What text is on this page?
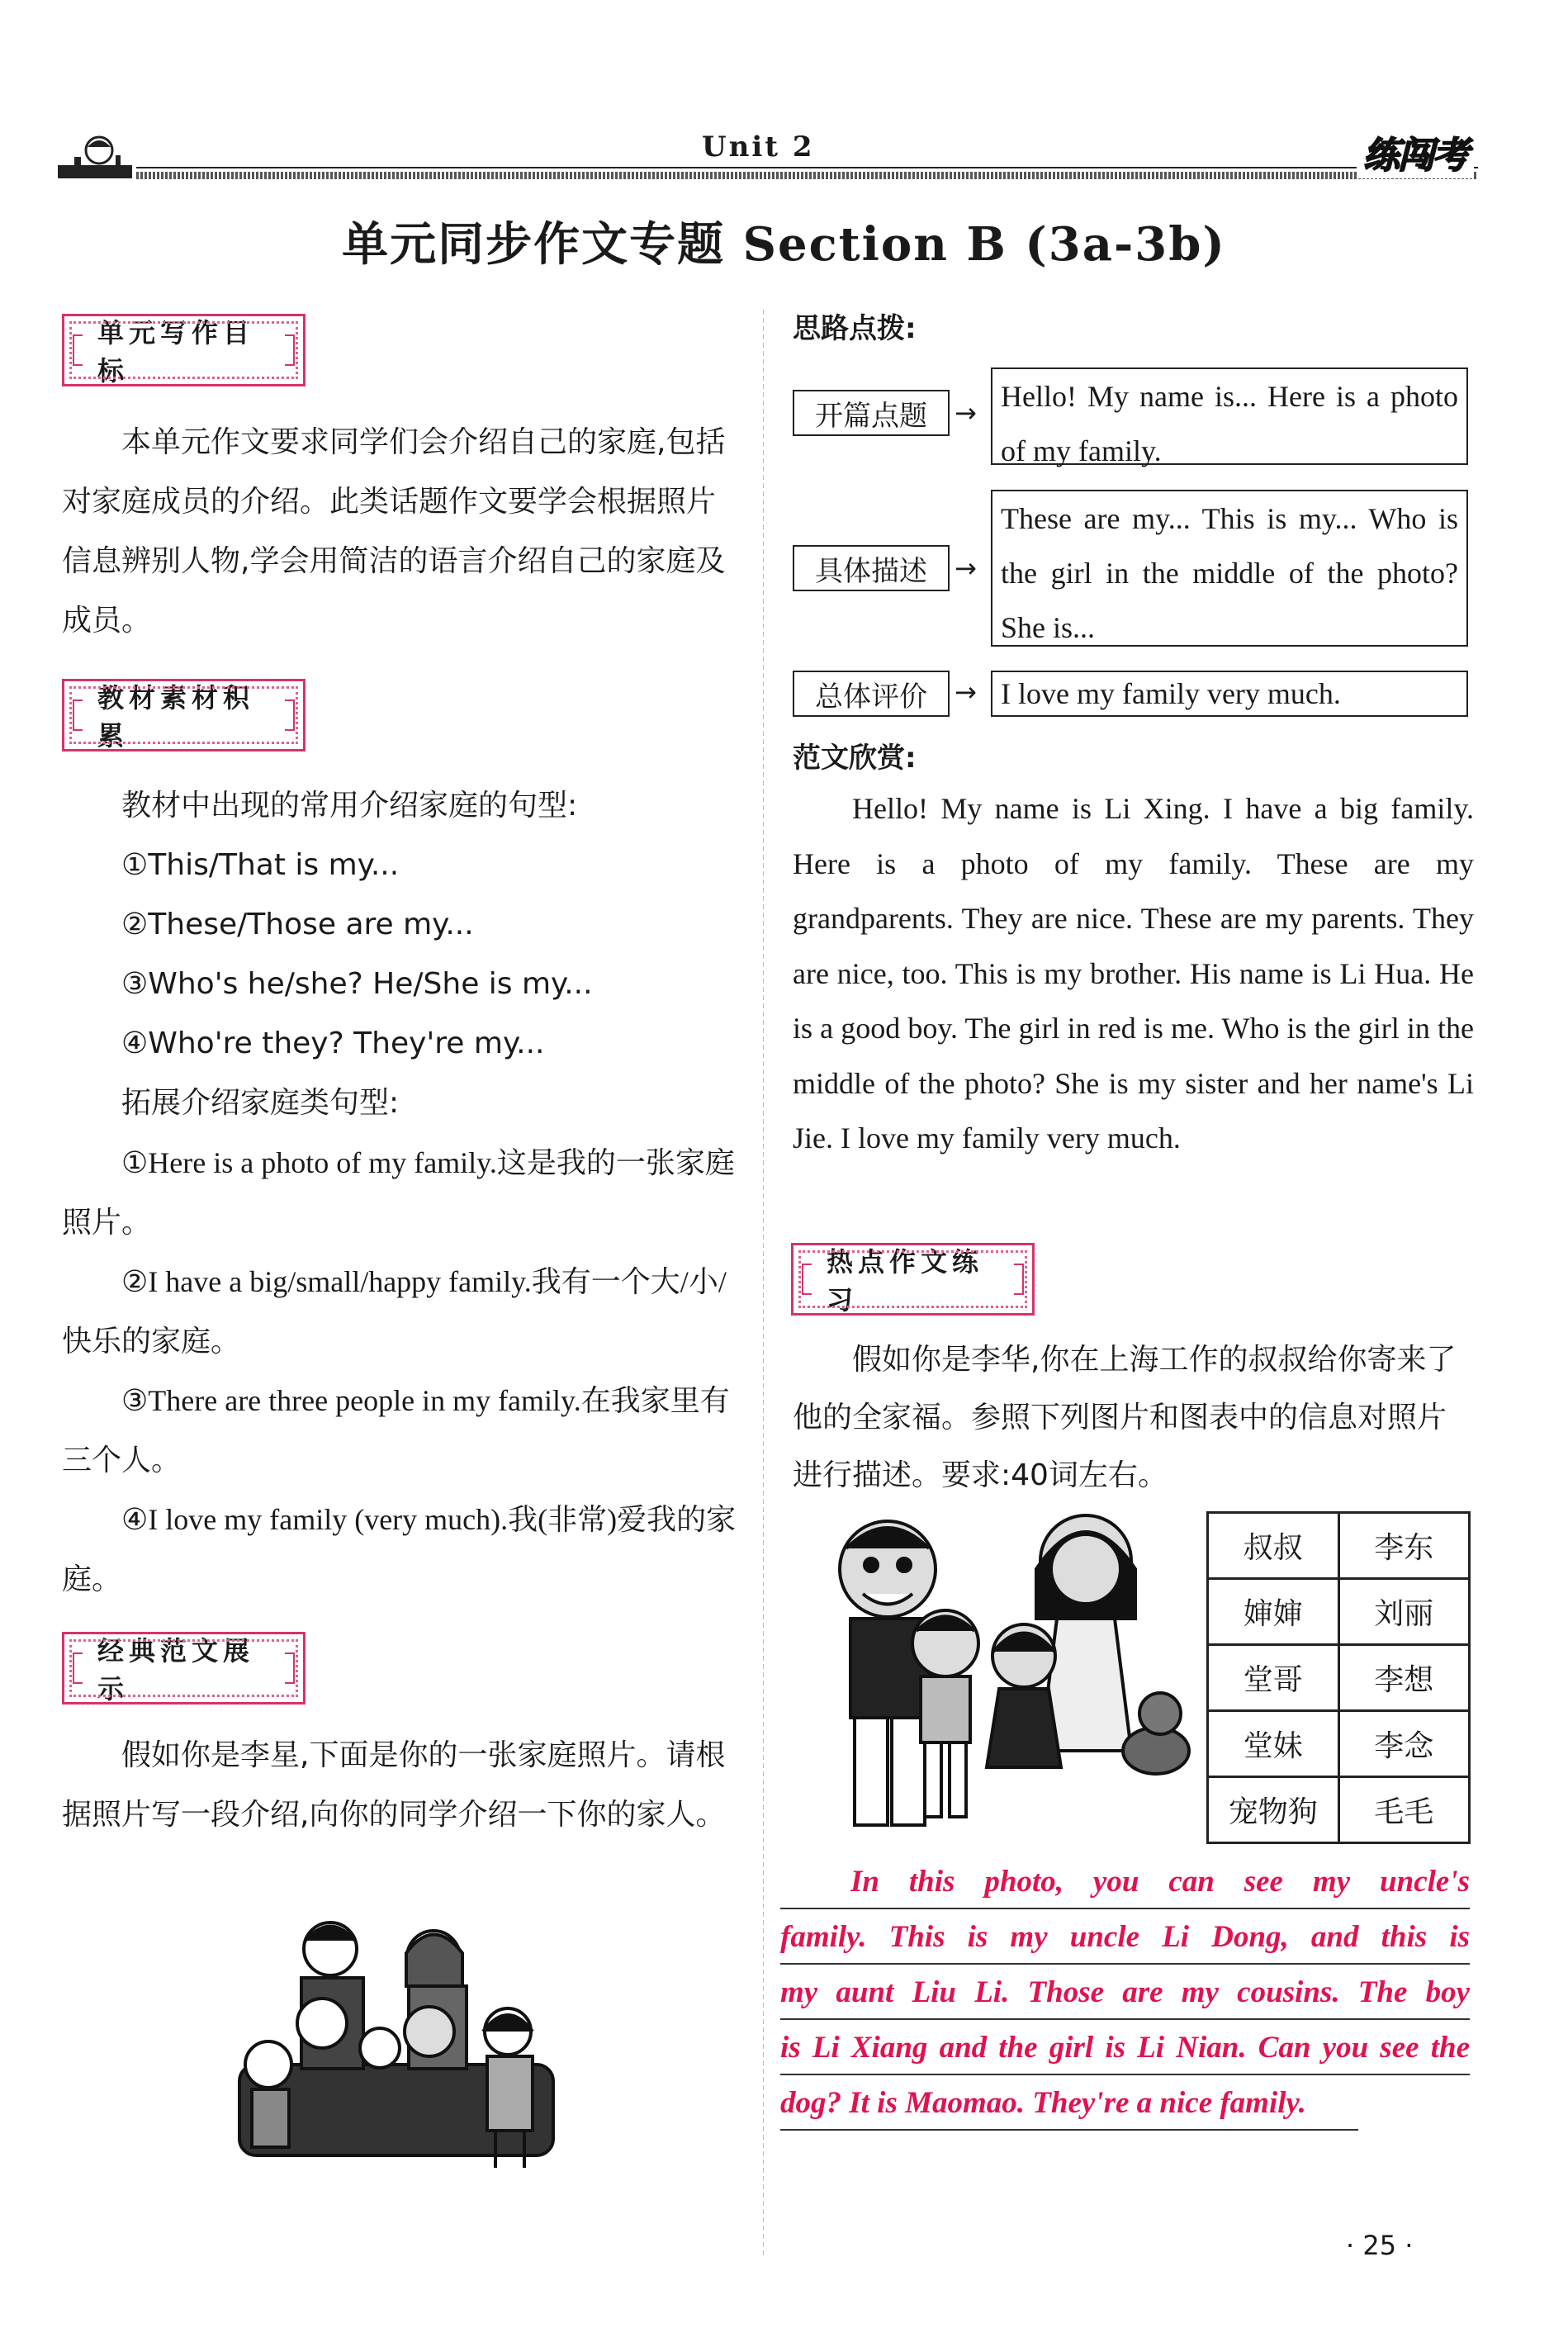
Unit 2	练闯考
单元同步作文专题 Section B (3a-3b)
单元写作目标
本单元作文要求同学们会介绍自己的家庭,包括对家庭成员的介绍。此类话题作文要学会根据照片信息辨别人物,学会用简洁的语言介绍自己的家庭及成员。
教材素材积累
教材中出现的常用介绍家庭的句型:
①This/That is my...
②These/Those are my...
③Who's he/she? He/She is my...
④Who're they? They're my...
拓展介绍家庭类句型:
①Here is a photo of my family.这是我的一张家庭照片。
②I have a big/small/happy family.我有一个大/小/快乐的家庭。
③There are three people in my family.在我家里有三个人。
④I love my family (very much).我(非常)爱我的家庭。
经典范文展示
假如你是李星,下面是你的一张家庭照片。请根据照片写一段介绍,向你的同学介绍一下你的家人。
思路点拨:
开篇点题	→ Hello! My name is... Here is a photo of my family.
具体描述	→
These are my... This is my... Who is the girl in the middle of the photo? She is...
总体评价	→ I love my family very much.
范文欣赏:
Hello! My name is Li Xing. I have a big family. Here is a photo of my family. These are my grandparents. They are nice. These are my parents. They are nice, too. This is my brother. His name is Li Hua. He is a good boy. The girl in red is me. Who is the girl in the middle of the photo? She is my sister and her name's Li Jie. I love my family very much.
热点作文练习
假如你是李华,你在上海工作的叔叔给你寄来了他的全家福。参照下列图片和图表中的信息对照片进行描述。要求:40词左右。
叔叔	李东
婶婶	刘丽
堂哥	李想
堂妹	李念
宠物狗	毛毛
In this photo, you can see my uncle's
family. This is my uncle Li Dong, and this is
my aunt Liu Li. Those are my cousins. The boy
is Li Xiang and the girl is Li Nian. Can you see the
dog? It is Maomao. They're a nice family.
· 25 ·
